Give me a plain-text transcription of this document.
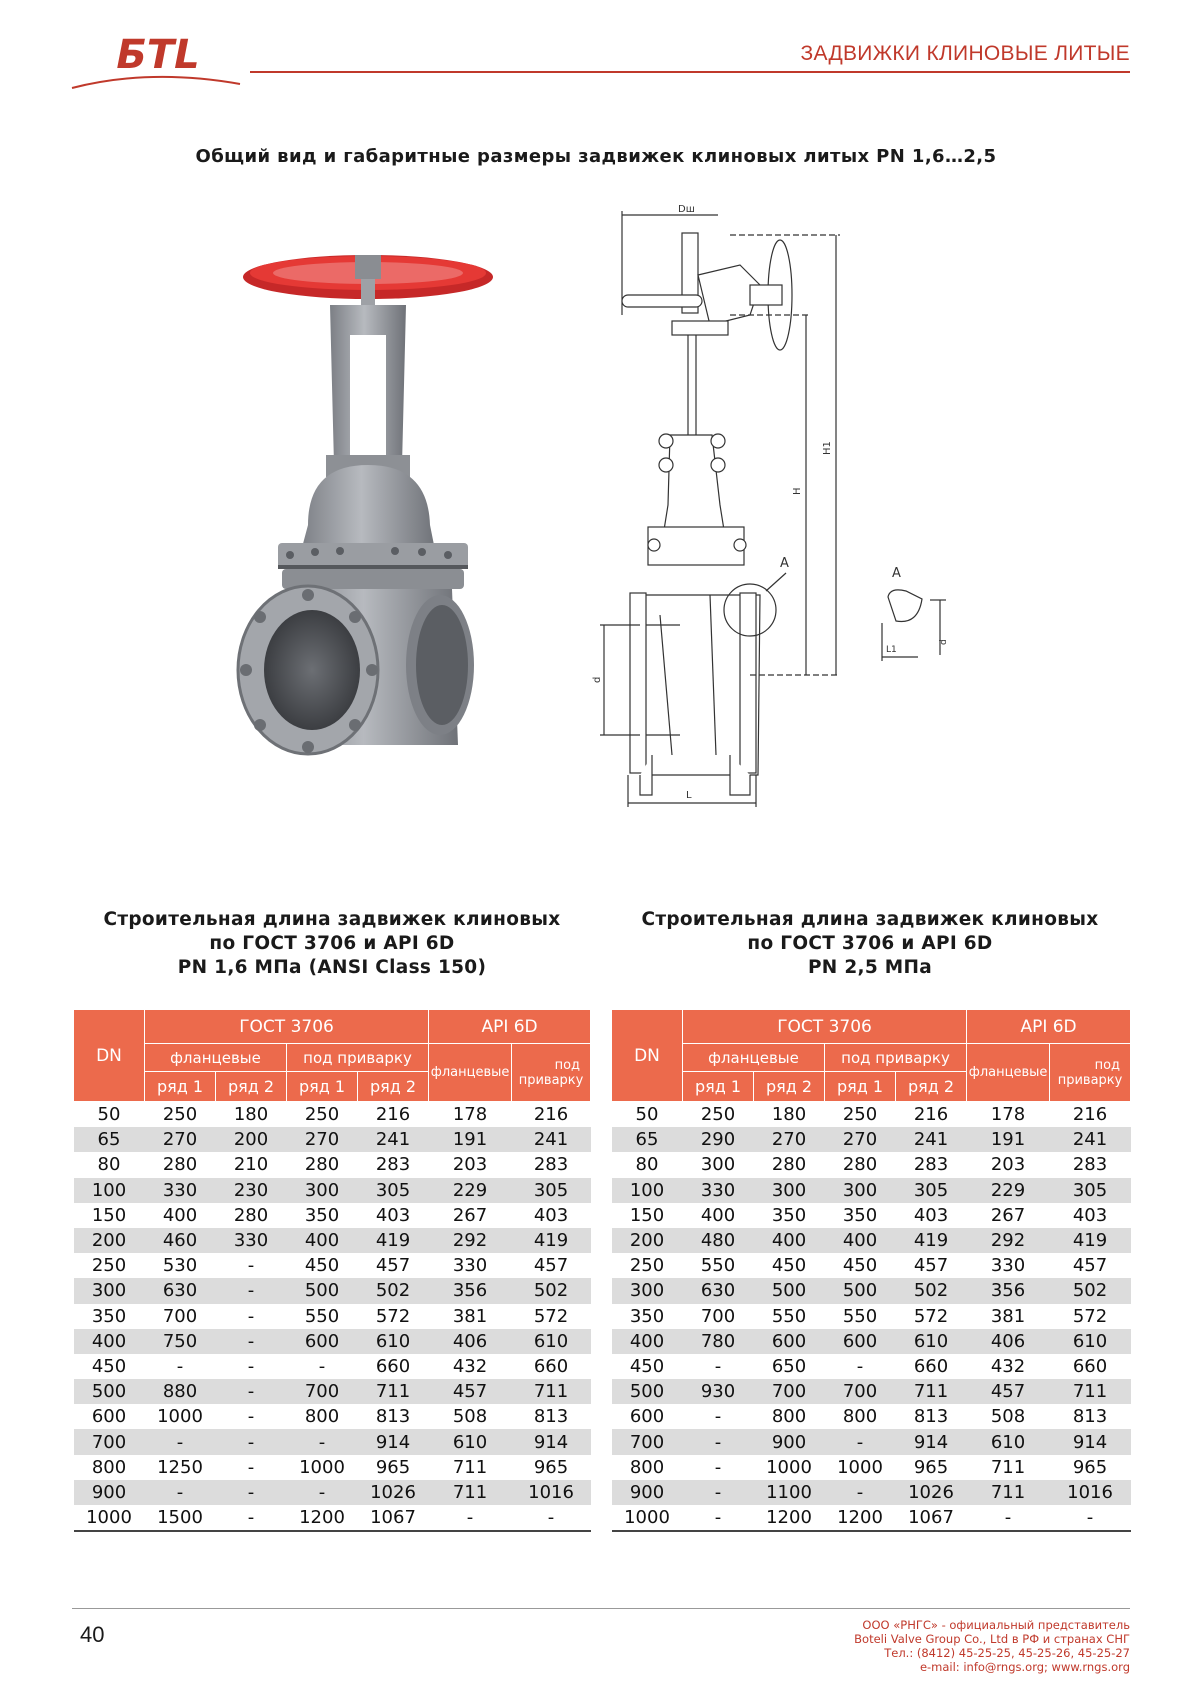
БTL	ЗАДВИЖКИ КЛИНОВЫЕ ЛИТЫЕ
Общий вид и габаритные размеры задвижек клиновых литых PN 1,6…2,5
Dш
A
H1
H
d
L
A
d
L1
Строительная длина задвижек клиновых
по ГОСТ 3706 и API 6D
PN 1,6 МПа (ANSI Class 150)
Строительная длина задвижек клиновых
по ГОСТ 3706 и API 6D
PN 2,5 МПа
DN	ГОСТ 3706				API 6D	
	фланцевые		под приварку		фланцевые	под
приварку

	ряд 1	ряд 2	ряд 1	ряд 2		
50	250	180	250	216	178	216
65	270	200	270	241	191	241
80	280	210	280	283	203	283
100	330	230	300	305	229	305
150	400	280	350	403	267	403
200	460	330	400	419	292	419
250	530	-	450	457	330	457
300	630	-	500	502	356	502
350	700	-	550	572	381	572
400	750	-	600	610	406	610
450	-	-	-	660	432	660
500	880	-	700	711	457	711
600	1000	-	800	813	508	813
700	-	-	-	914	610	914
800	1250	-	1000	965	711	965
900	-	-	-	1026	711	1016
1000	1500	-	1200	1067	-	-
DN	ГОСТ 3706				API 6D	
	фланцевые		под приварку		фланцевые	под
приварку

	ряд 1	ряд 2	ряд 1	ряд 2		
50	250	180	250	216	178	216
65	290	270	270	241	191	241
80	300	280	280	283	203	283
100	330	300	300	305	229	305
150	400	350	350	403	267	403
200	480	400	400	419	292	419
250	550	450	450	457	330	457
300	630	500	500	502	356	502
350	700	550	550	572	381	572
400	780	600	600	610	406	610
450	-	650	-	660	432	660
500	930	700	700	711	457	711
600	-	800	800	813	508	813
700	-	900	-	914	610	914
800	-	1000	1000	965	711	965
900	-	1100	-	1026	711	1016
1000	-	1200	1200	1067	-	-
40	ООО «РНГС» - официальный представитель
Boteli Valve Group Co., Ltd в РФ и странах СНГ
Тел.: (8412) 45-25-25, 45-25-26, 45-25-27
e-mail: info@rngs.org; www.rngs.org
